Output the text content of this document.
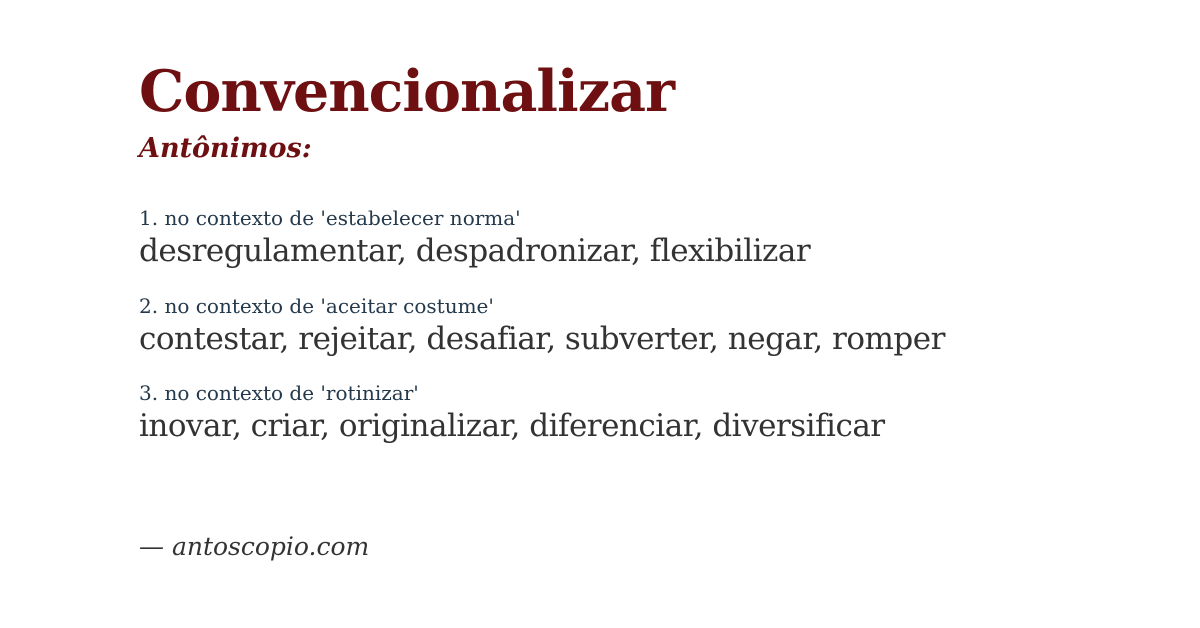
Convencionalizar
Antônimos:
1. no contexto de 'estabelecer norma'
desregulamentar, despadronizar, flexibilizar
2. no contexto de 'aceitar costume'
contestar, rejeitar, desafiar, subverter, negar, romper
3. no contexto de 'rotinizar'
inovar, criar, originalizar, diferenciar, diversificar
— antoscopio.com
